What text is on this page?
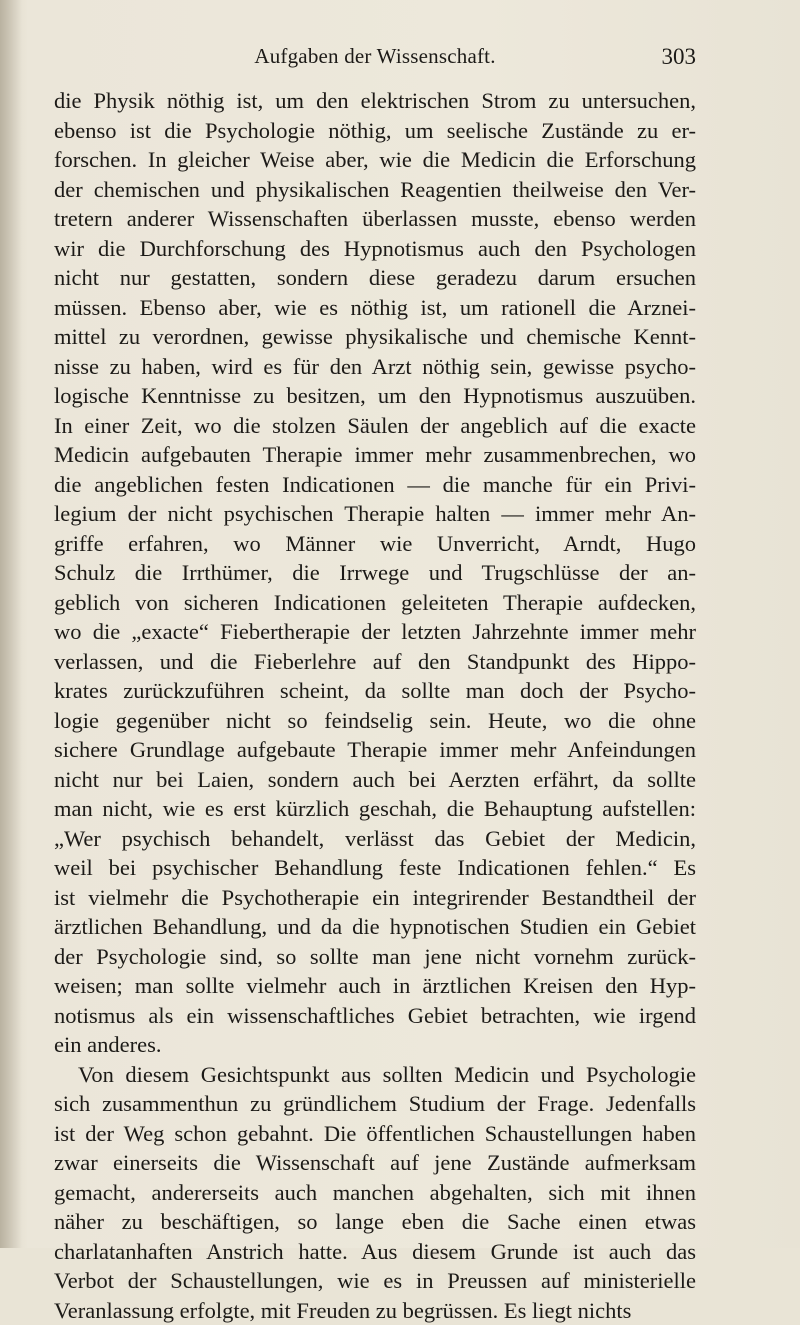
Aufgaben der Wissenschaft.	303
die Physik nöthig ist, um den elektrischen Strom zu untersuchen,
ebenso ist die Psychologie nöthig, um seelische Zustände zu er-
forschen. In gleicher Weise aber, wie die Medicin die Erforschung
der chemischen und physikalischen Reagentien theilweise den Ver-
tretern anderer Wissenschaften überlassen musste, ebenso werden
wir die Durchforschung des Hypnotismus auch den Psychologen
nicht nur gestatten, sondern diese geradezu darum ersuchen
müssen. Ebenso aber, wie es nöthig ist, um rationell die Arznei-
mittel zu verordnen, gewisse physikalische und chemische Kennt-
nisse zu haben, wird es für den Arzt nöthig sein, gewisse psycho-
logische Kenntnisse zu besitzen, um den Hypnotismus auszuüben.
In einer Zeit, wo die stolzen Säulen der angeblich auf die exacte
Medicin aufgebauten Therapie immer mehr zusammenbrechen, wo
die angeblichen festen Indicationen — die manche für ein Privi-
legium der nicht psychischen Therapie halten — immer mehr An-
griffe erfahren, wo Männer wie Unverricht, Arndt, Hugo
Schulz die Irrthümer, die Irrwege und Trugschlüsse der an-
geblich von sicheren Indicationen geleiteten Therapie aufdecken,
wo die „exacte“ Fiebertherapie der letzten Jahrzehnte immer mehr
verlassen, und die Fieberlehre auf den Standpunkt des Hippo-
krates zurückzuführen scheint, da sollte man doch der Psycho-
logie gegenüber nicht so feindselig sein. Heute, wo die ohne
sichere Grundlage aufgebaute Therapie immer mehr Anfeindungen
nicht nur bei Laien, sondern auch bei Aerzten erfährt, da sollte
man nicht, wie es erst kürzlich geschah, die Behauptung aufstellen:
„Wer psychisch behandelt, verlässt das Gebiet der Medicin,
weil bei psychischer Behandlung feste Indicationen fehlen.“ Es
ist vielmehr die Psychotherapie ein integrirender Bestandtheil der
ärztlichen Behandlung, und da die hypnotischen Studien ein Gebiet
der Psychologie sind, so sollte man jene nicht vornehm zurück-
weisen; man sollte vielmehr auch in ärztlichen Kreisen den Hyp-
notismus als ein wissenschaftliches Gebiet betrachten, wie irgend
ein anderes.
Von diesem Gesichtspunkt aus sollten Medicin und Psychologie
sich zusammenthun zu gründlichem Studium der Frage. Jedenfalls
ist der Weg schon gebahnt. Die öffentlichen Schaustellungen haben
zwar einerseits die Wissenschaft auf jene Zustände aufmerksam
gemacht, andererseits auch manchen abgehalten, sich mit ihnen
näher zu beschäftigen, so lange eben die Sache einen etwas
charlatanhaften Anstrich hatte. Aus diesem Grunde ist auch das
Verbot der Schaustellungen, wie es in Preussen auf ministerielle
Veranlassung erfolgte, mit Freuden zu begrüssen. Es liegt nichts
